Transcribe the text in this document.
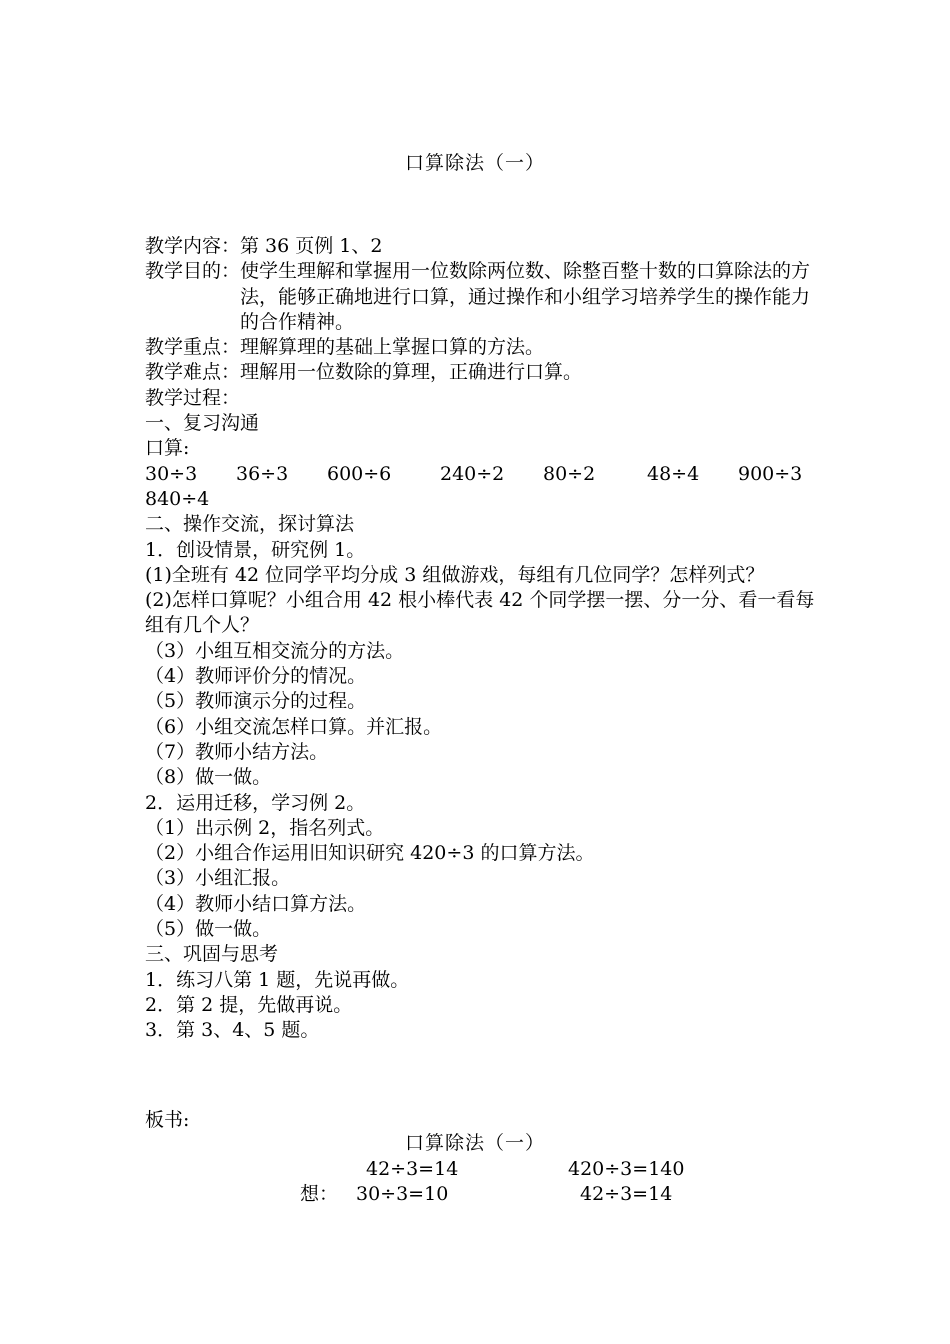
口算除法（一）
教学内容： 第 36 页例 1、2
教学目的： 使学生理解和掌握用一位数除两位数、除整百整十数的口算除法的方法，能够正确地进行口算，通过操作和小组学习培养学生的操作能力的合作精神。
教学重点： 理解算理的基础上掌握口算的方法。
教学难点： 理解用一位数除的算理，正确进行口算。
教学过程：
一、复习沟通
口算:
30÷3 36÷3 600÷6	240÷2 80÷2	48÷4 900÷3
840÷4
二、操作交流，探讨算法
1．创设情景，研究例 1。
(1)全班有 42 位同学平均分成 3 组做游戏，每组有几位同学？怎样列式？
(2)怎样口算呢？小组合用 42 根小棒代表 42 个同学摆一摆、分一分、看一看每组有几个人？
（3）小组互相交流分的方法。
（4）教师评价分的情况。
（5）教师演示分的过程。
（6）小组交流怎样口算。并汇报。
（7）教师小结方法。
（8）做一做。
2．运用迁移，学习例 2。
（1）出示例 2，指名列式。
（2）小组合作运用旧知识研究 420÷3 的口算方法。
（3）小组汇报。
（4）教师小结口算方法。
（5）做一做。
三、巩固与思考
1．练习八第 1 题，先说再做。
2．第 2 提，先做再说。
3．第 3、4、5 题。
板书:
口算除法（一）
42÷3=14	420÷3=140
想： 30÷3=10	42÷3=14
